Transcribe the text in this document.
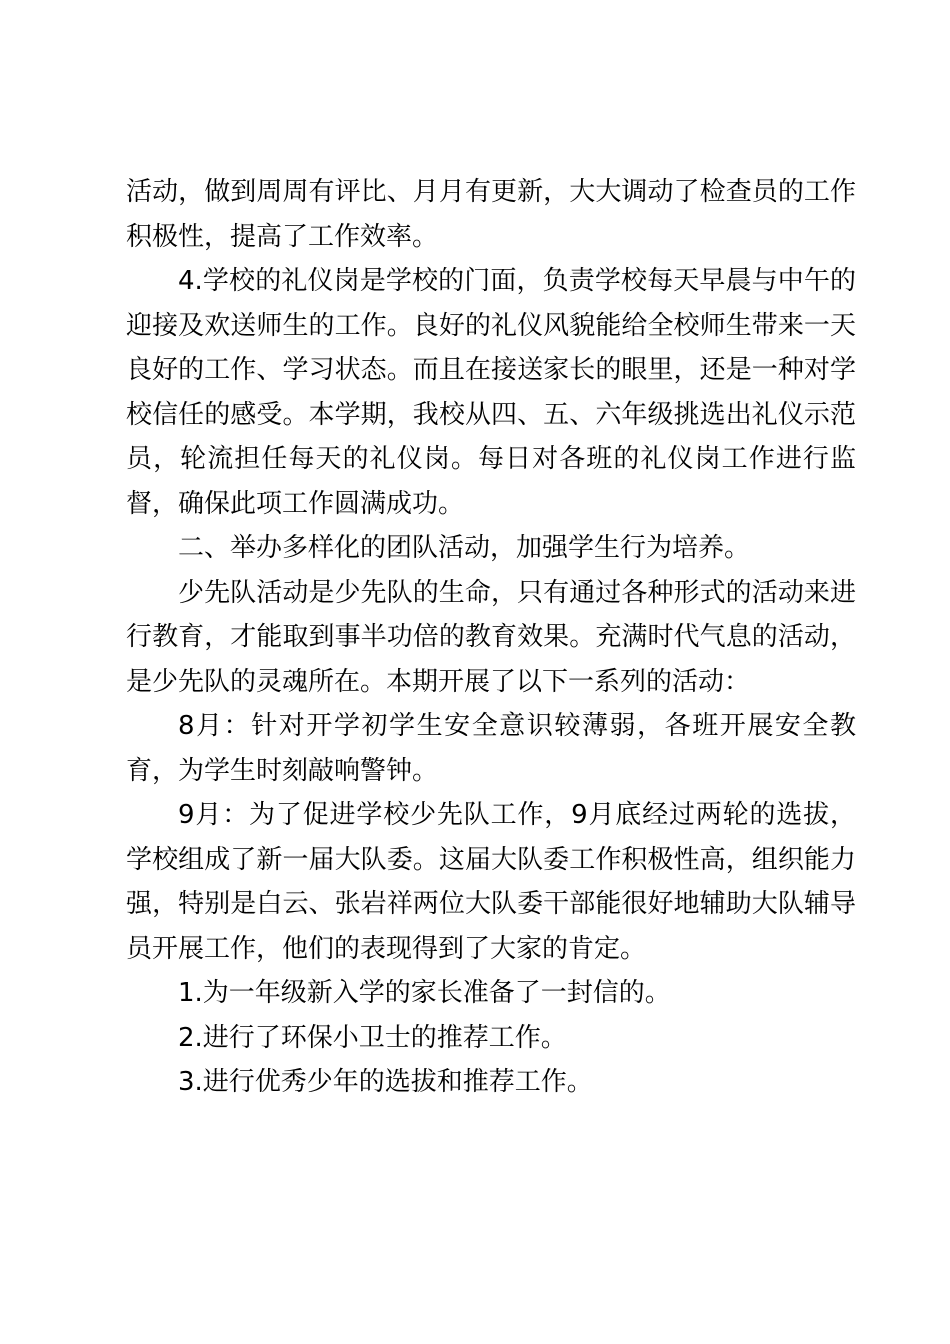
活动，做到周周有评比、月月有更新，大大调动了检查员的工作积极性，提高了工作效率。

4.学校的礼仪岗是学校的门面，负责学校每天早晨与中午的迎接及欢送师生的工作。良好的礼仪风貌能给全校师生带来一天良好的工作、学习状态。而且在接送家长的眼里，还是一种对学校信任的感受。本学期，我校从四、五、六年级挑选出礼仪示范员，轮流担任每天的礼仪岗。每日对各班的礼仪岗工作进行监督，确保此项工作圆满成功。

二、举办多样化的团队活动，加强学生行为培养。

少先队活动是少先队的生命，只有通过各种形式的活动来进行教育，才能取到事半功倍的教育效果。充满时代气息的活动，是少先队的灵魂所在。本期开展了以下一系列的活动：

8月：针对开学初学生安全意识较薄弱，各班开展安全教育，为学生时刻敲响警钟。

9月：为了促进学校少先队工作，9月底经过两轮的选拔，学校组成了新一届大队委。这届大队委工作积极性高，组织能力强，特别是白云、张岩祥两位大队委干部能很好地辅助大队辅导员开展工作，他们的表现得到了大家的肯定。

1.为一年级新入学的家长准备了一封信的。

2.进行了环保小卫士的推荐工作。

3.进行优秀少年的选拔和推荐工作。
